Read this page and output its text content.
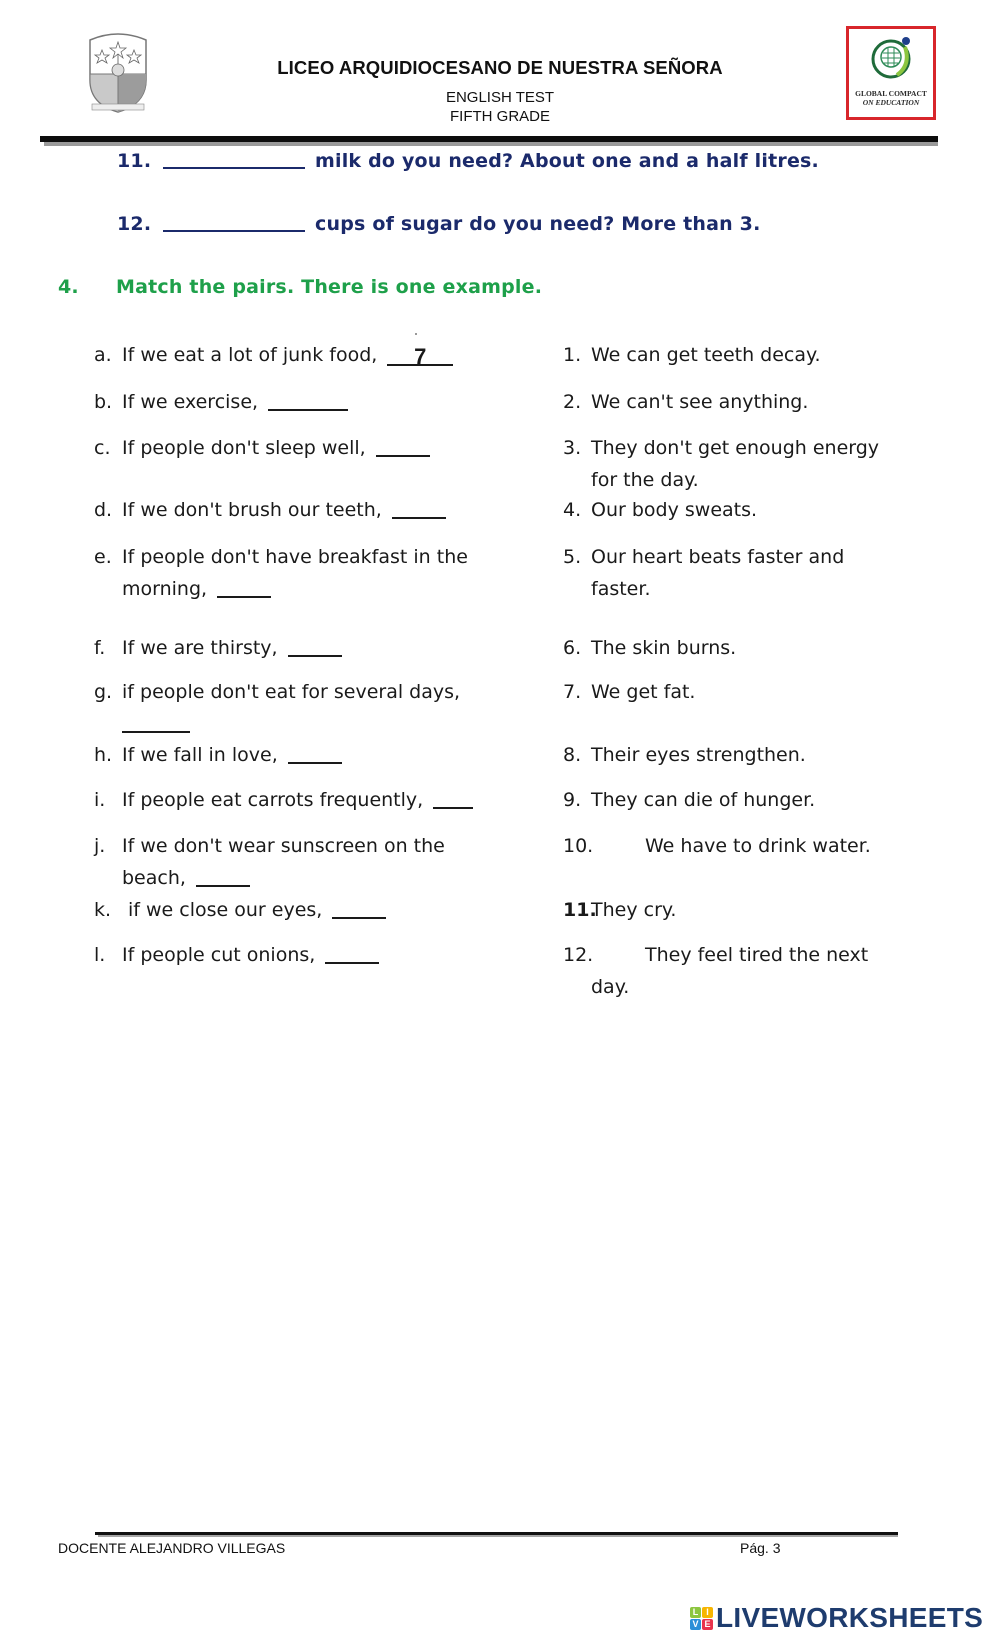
LICEO ARQUIDIOCESANO DE NUESTRA SEÑORA
ENGLISH TEST
FIFTH GRADE
GLOBAL COMPACT
ON EDUCATION
11.	milk do you need? About one and a half litres.
12.	cups of sugar do you need? More than 3.
4. Match the pairs. There is one example.
a. If we eat a lot of junk food, 7
b. If we exercise,
c. If people don't sleep well,
d. If we don't brush our teeth,
e. If people don't have breakfast in the
morning,
f. If we are thirsty,
g. if people don't eat for several days,
h. If we fall in love,
i. If people eat carrots frequently,
j. If we don't wear sunscreen on the
beach,
k. if we close our eyes,
l. If people cut onions,
1. We can get teeth decay.
2. We can't see anything.
3. They don't get enough energy
for the day.
4. Our body sweats.
5. Our heart beats faster and
faster.
6. The skin burns.
7. We get fat.
8. Their eyes strengthen.
9. They can die of hunger.
10.	We have to drink water.
11.They cry.
12.	They feel tired the next
day.
DOCENTE ALEJANDRO VILLEGAS	Pág. 3
L I
V E LIVEWORKSHEETS
